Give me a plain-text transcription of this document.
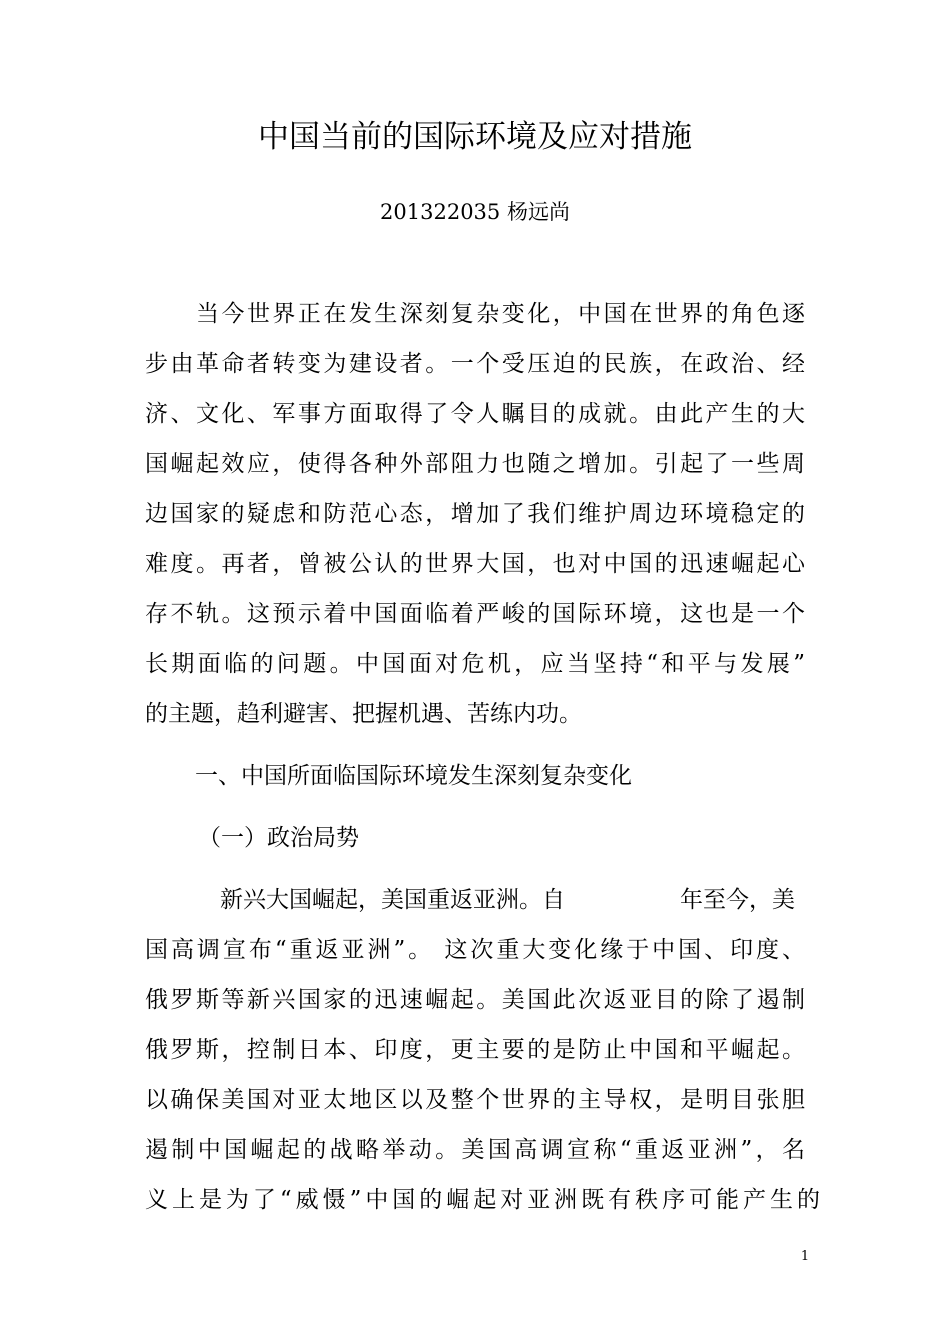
中国当前的国际环境及应对措施
201322035 杨远尚
当今世界正在发生深刻复杂变化，中国在世界的角色逐
步由革命者转变为建设者。一个受压迫的民族，在政治、经
济、文化、军事方面取得了令人瞩目的成就。由此产生的大
国崛起效应，使得各种外部阻力也随之增加。引起了一些周
边国家的疑虑和防范心态，增加了我们维护周边环境稳定的
难度。再者，曾被公认的世界大国，也对中国的迅速崛起心
存不轨。这预示着中国面临着严峻的国际环境，这也是一个
长期面临的问题。中国面对危机，应当坚持“和平与发展”
的主题，趋利避害、把握机遇、苦练内功。
一、中国所面临国际环境发生深刻复杂变化
（一）政治局势
新兴大国崛起，美国重返亚洲。自	年至今，美
国高调宣布“重返亚洲”。 这次重大变化缘于中国、印度、
俄罗斯等新兴国家的迅速崛起。美国此次返亚目的除了遏制
俄罗斯，控制日本、印度，更主要的是防止中国和平崛起。
以确保美国对亚太地区以及整个世界的主导权，是明目张胆
遏制中国崛起的战略举动。美国高调宣称“重返亚洲”，名
义上是为了“威慑”中国的崛起对亚洲既有秩序可能产生的
1
